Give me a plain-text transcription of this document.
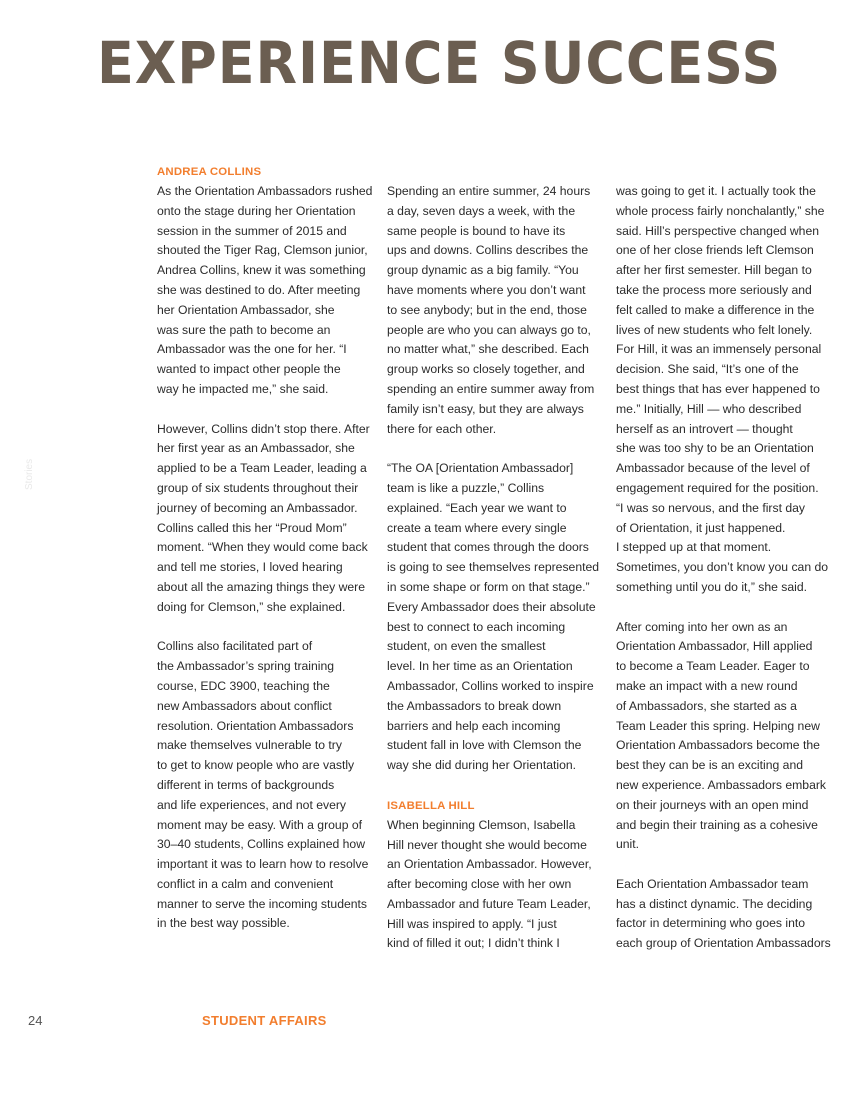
EXPERIENCE SUCCESS
Stories
ANDREA COLLINS

As the Orientation Ambassadors rushed
onto the stage during her Orientation
session in the summer of 2015 and
shouted the Tiger Rag, Clemson junior,
Andrea Collins, knew it was something
she was destined to do. After meeting
her Orientation Ambassador, she
was sure the path to become an
Ambassador was the one for her. “I
wanted to impact other people the
way he impacted me,” she said.

However, Collins didn’t stop there. After
her first year as an Ambassador, she
applied to be a Team Leader, leading a
group of six students throughout their
journey of becoming an Ambassador.
Collins called this her “Proud Mom”
moment. “When they would come back
and tell me stories, I loved hearing
about all the amazing things they were
doing for Clemson,” she explained.

Collins also facilitated part of
the Ambassador’s spring training
course, EDC 3900, teaching the
new Ambassadors about conflict
resolution. Orientation Ambassadors
make themselves vulnerable to try
to get to know people who are vastly
different in terms of backgrounds
and life experiences, and not every
moment may be easy. With a group of
30–40 students, Collins explained how
important it was to learn how to resolve
conflict in a calm and convenient
manner to serve the incoming students
in the best way possible.

Spending an entire summer, 24 hours
a day, seven days a week, with the
same people is bound to have its
ups and downs. Collins describes the
group dynamic as a big family. “You
have moments where you don’t want
to see anybody; but in the end, those
people are who you can always go to,
no matter what,” she described. Each
group works so closely together, and
spending an entire summer away from
family isn’t easy, but they are always
there for each other.

“The OA [Orientation Ambassador]
team is like a puzzle,” Collins
explained. “Each year we want to
create a team where every single
student that comes through the doors
is going to see themselves represented
in some shape or form on that stage.”
Every Ambassador does their absolute
best to connect to each incoming
student, on even the smallest
level. In her time as an Orientation
Ambassador, Collins worked to inspire
the Ambassadors to break down
barriers and help each incoming
student fall in love with Clemson the
way she did during her Orientation.

ISABELLA HILL

When beginning Clemson, Isabella
Hill never thought she would become
an Orientation Ambassador. However,
after becoming close with her own
Ambassador and future Team Leader,
Hill was inspired to apply. “I just
kind of filled it out; I didn’t think I

was going to get it. I actually took the
whole process fairly nonchalantly,” she
said. Hill’s perspective changed when
one of her close friends left Clemson
after her first semester. Hill began to
take the process more seriously and
felt called to make a difference in the
lives of new students who felt lonely.
For Hill, it was an immensely personal
decision. She said, “It’s one of the
best things that has ever happened to
me.” Initially, Hill — who described
herself as an introvert — thought
she was too shy to be an Orientation
Ambassador because of the level of
engagement required for the position.
“I was so nervous, and the first day
of Orientation, it just happened.
I stepped up at that moment.
Sometimes, you don’t know you can do
something until you do it,” she said.

After coming into her own as an
Orientation Ambassador, Hill applied
to become a Team Leader. Eager to
make an impact with a new round
of Ambassadors, she started as a
Team Leader this spring. Helping new
Orientation Ambassadors become the
best they can be is an exciting and
new experience. Ambassadors embark
on their journeys with an open mind
and begin their training as a cohesive
unit.

Each Orientation Ambassador team
has a distinct dynamic. The deciding
factor in determining who goes into
each group of Orientation Ambassadors

24	STUDENT AFFAIRS
